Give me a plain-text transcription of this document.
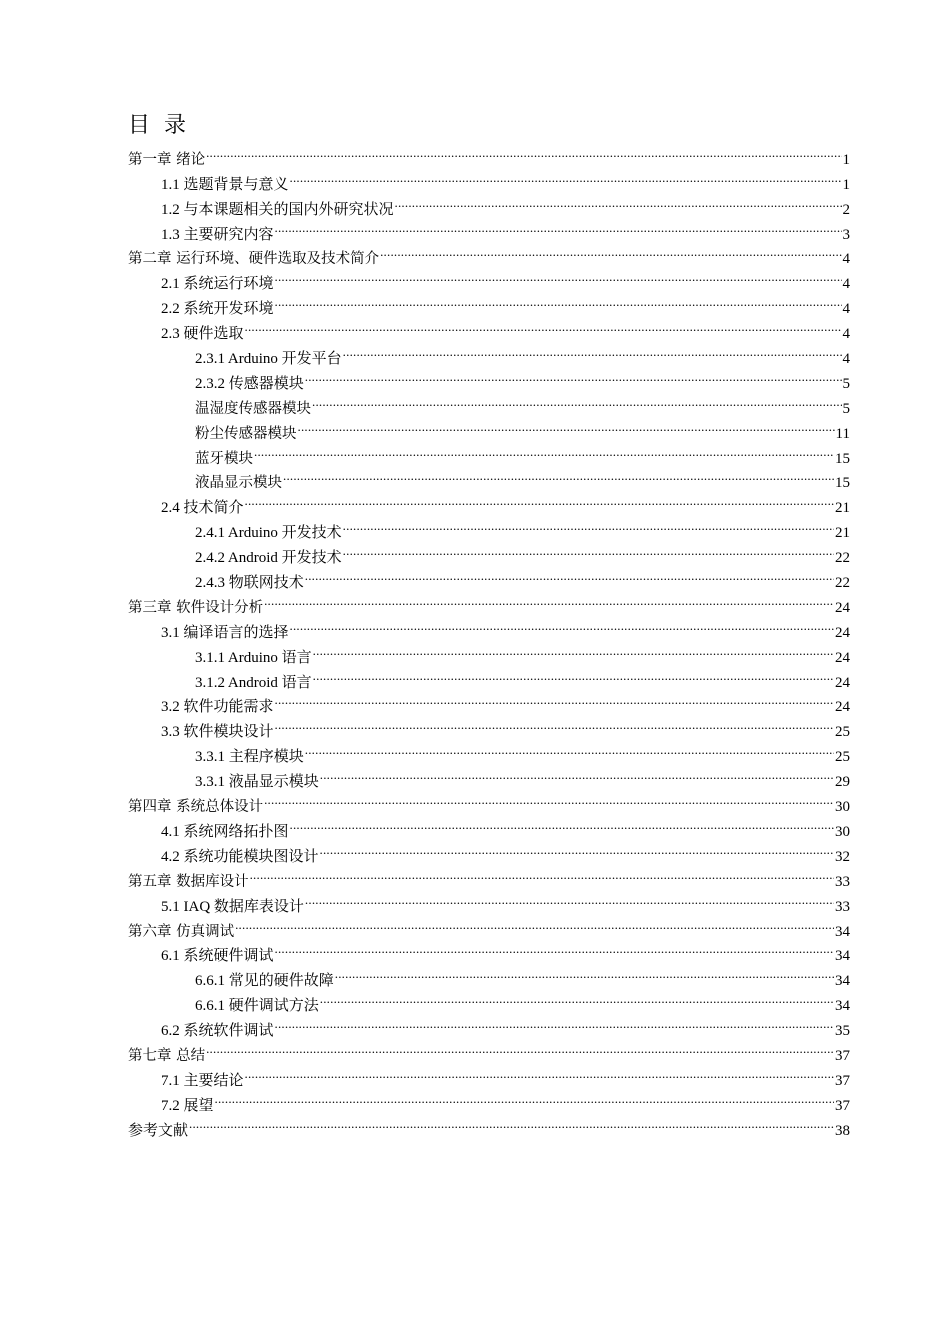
目  录
第一章 绪论 .....	1
1.1 选题背景与意义 .....	1
1.2 与本课题相关的国内外研究状况 .....	2
1.3 主要研究内容 .....	3
第二章 运行环境、硬件选取及技术简介 .....	4
2.1 系统运行环境 .....	4
2.2 系统开发环境 .....	4
2.3 硬件选取 .....	4
2.3.1 Arduino 开发平台 .....	4
2.3.2 传感器模块 .....	5
温湿度传感器模块 .....	5
粉尘传感器模块 .....	11
蓝牙模块 .....	15
液晶显示模块 .....	15
2.4 技术简介 .....	21
2.4.1 Arduino 开发技术 .....	21
2.4.2 Android 开发技术 .....	22
2.4.3 物联网技术 .....	22
第三章 软件设计分析 .....	24
3.1 编译语言的选择 .....	24
3.1.1 Arduino 语言 .....	24
3.1.2 Android 语言 .....	24
3.2 软件功能需求 .....	24
3.3 软件模块设计 .....	25
3.3.1 主程序模块 .....	25
3.3.1 液晶显示模块 .....	29
第四章 系统总体设计 .....	30
4.1 系统网络拓扑图 .....	30
4.2 系统功能模块图设计 .....	32
第五章 数据库设计 .....	33
5.1 IAQ 数据库表设计 .....	33
第六章 仿真调试 .....	34
6.1 系统硬件调试 .....	34
6.6.1 常见的硬件故障 .....	34
6.6.1 硬件调试方法 .....	34
6.2 系统软件调试 .....	35
第七章 总结 .....	37
7.1 主要结论 .....	37
7.2 展望 .....	37
参考文献 .....	38
